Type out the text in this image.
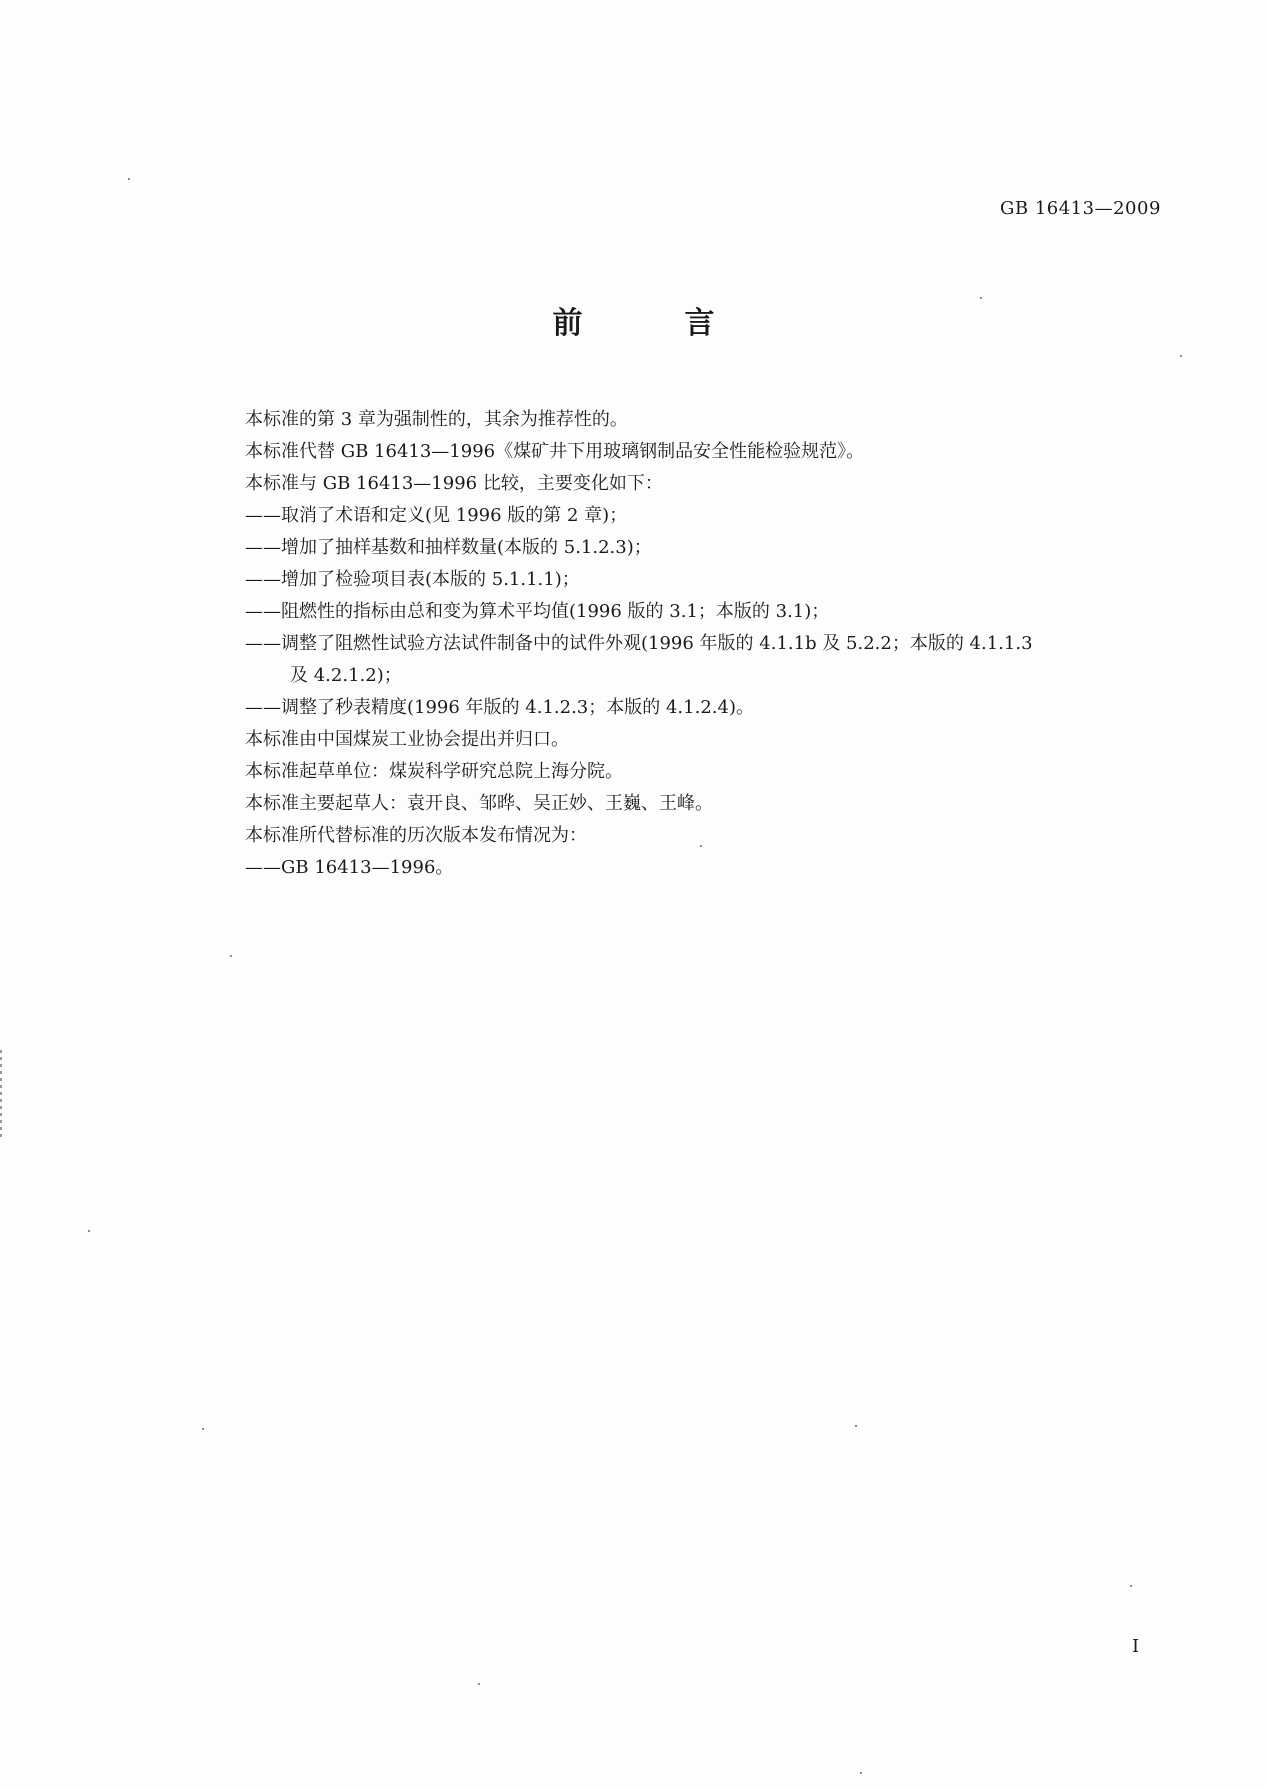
GB 16413—2009
前　言
本标准的第 3 章为强制性的，其余为推荐性的。
本标准代替 GB 16413—1996《煤矿井下用玻璃钢制品安全性能检验规范》。
本标准与 GB 16413—1996 比较，主要变化如下：
——取消了术语和定义(见 1996 版的第 2 章)；
——增加了抽样基数和抽样数量(本版的 5.1.2.3)；
——增加了检验项目表(本版的 5.1.1.1)；
——阻燃性的指标由总和变为算术平均值(1996 版的 3.1；本版的 3.1)；
——调整了阻燃性试验方法试件制备中的试件外观(1996 年版的 4.1.1b 及 5.2.2；本版的 4.1.1.3
及 4.2.1.2)；
——调整了秒表精度(1996 年版的 4.1.2.3；本版的 4.1.2.4)。
本标准由中国煤炭工业协会提出并归口。
本标准起草单位：煤炭科学研究总院上海分院。
本标准主要起草人：袁开良、邹晔、吴正妙、王巍、王峰。
本标准所代替标准的历次版本发布情况为：
——GB 16413—1996。
I
